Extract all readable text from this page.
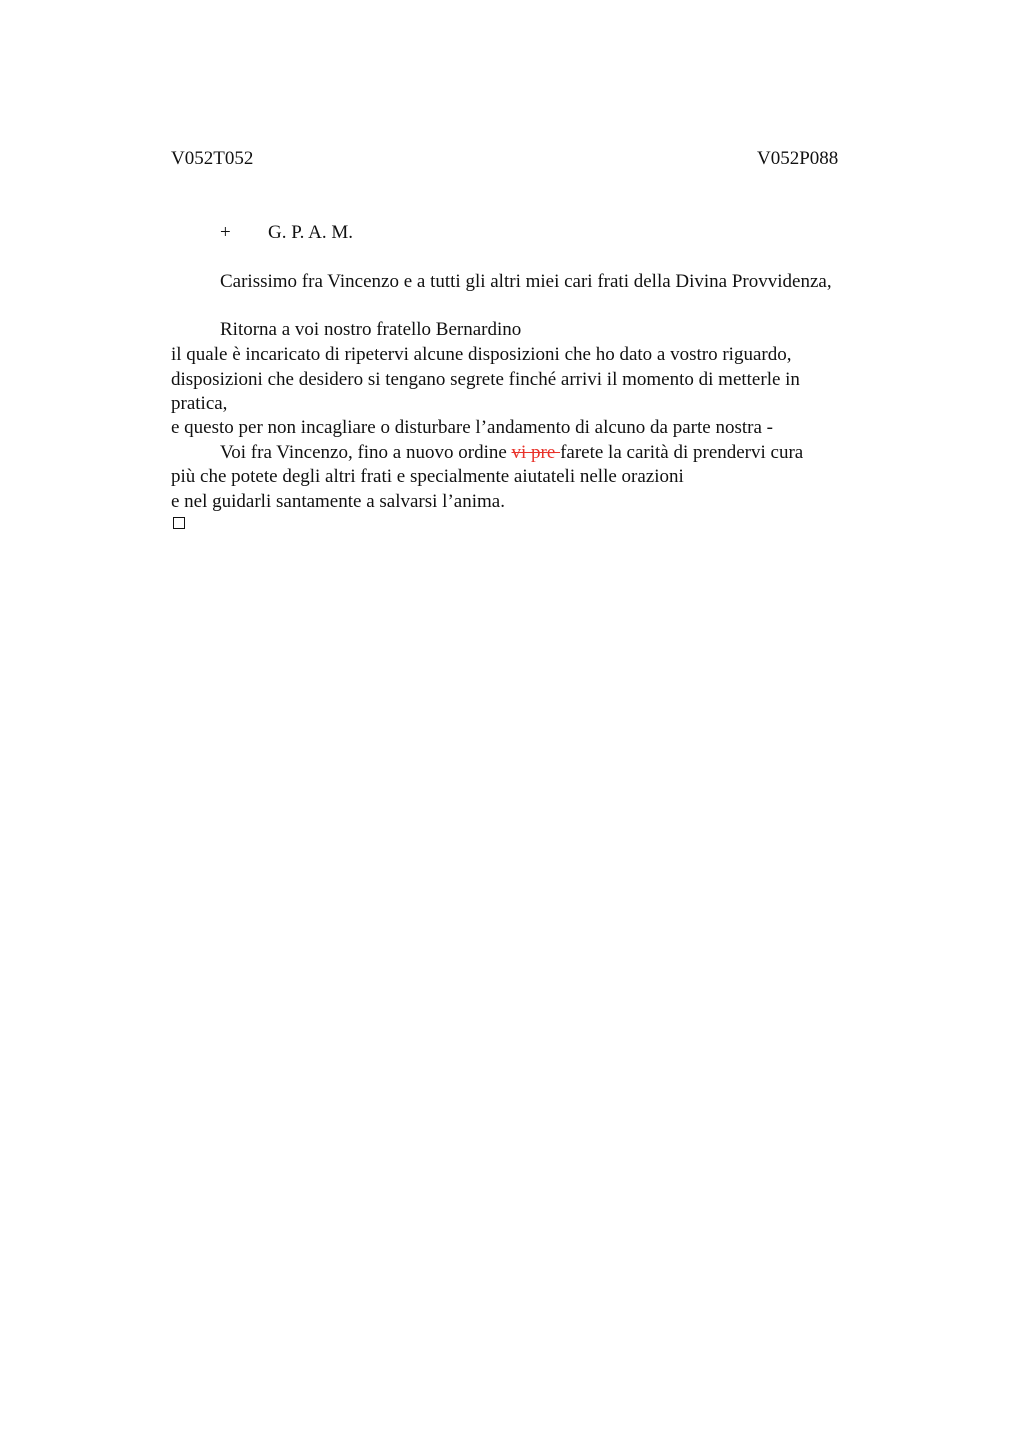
V052T052	V052P088
+ G. P. A. M.
Carissimo fra Vincenzo e a tutti gli altri miei cari frati della Divina Provvidenza,
Ritorna a voi nostro fratello Bernardino
il quale è incaricato di ripetervi alcune disposizioni che ho dato a vostro riguardo,
disposizioni che desidero si tengano segrete finché arrivi il momento di metterle in
pratica,
e questo per non incagliare o disturbare l’andamento di alcuno da parte nostra -
Voi fra Vincenzo, fino a nuovo ordine vi pre farete la carità di prendervi cura
più che potete degli altri frati e specialmente aiutateli nelle orazioni
e nel guidarli santamente a salvarsi l’anima.
